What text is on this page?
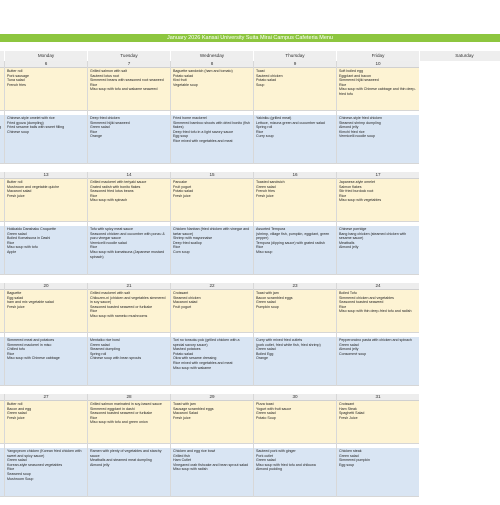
January 2026 Kansai University Suita Mirai Campus Cafeteria Menu
Monday	Tuesday	Wednesday	Thursday	Friday	Saturday
6
Butter roll
Pork sausage
Tuna salad
French fries
Chinese-style omelet with rice
Fried gyoza (dumpling)
Fried sesame balls with sweet filling
Chinese soup
7
Grilled salmon with salt
Sauteed lotus root
Simmered beans with seasoned root seaweed
Rice
Miso soup with tofu and wakame seaweed
Deep fried chicken
Simmered hijiki seaweed
Green salad
Rice
Orange
8
Baguette sandwich (ham and tomato)
Potato salad
Kiwi fruit
Vegetable soup
Fried home mackerel
Simmered bamboo shoots with dried bonito (fish flakes)
Deep fried tofu in a light savory sauce
Egg soup
Rice mixed with vegetables and meat
9
Toast
Sauteed chicken
Potato salad
Soup
Yakiniku (grilled meat)
Lettuce, mizuna green and cucumber salad
Spring roll
Rice
Curry soup
10
Soft boiled egg
Eggplant and bacon
Simmered hijiki seaweed
Rice
Miso soup with Chinese cabbage and thin deep-fried tofu
Chinese-style fried chicken
Steamed shrimp dumpling
Almond jelly
Kimchi fried rice
Vermicelli noodle soup
13
Butter roll
Mushroom and vegetable quiche
Macaroni salad
Fresh juice
Hokkaido Danshaku Croquette
Green salad
Boiled Komatsuna in Dashi
Rice
Miso soup with tofu
Apple
14
Grilled mackerel with teriyaki sauce
Grated radish with bonito flakes
Seasoned fried lotus beans
Rice
Miso soup with spinach
Tofu with spicy meat sauce
Seasoned chicken and cucumber with ponzu & yuzu vinegar sauce
Vermicelli noodle salad
Rice
Miso soup with komatsuna (Japanese mustard spinach)
15
Pancake
Fruit yogurt
Potato salad
Fresh juice
Chicken Nanban (fried chicken with vinegar and tartar sauce)
Shrimp with mayonnaise
Deep fried scallop
Rice
Corn soup
16
Toasted sandwich
Green salad
French fries
Fresh juice
Assorted Tempura
(shrimp, village fish, pumpkin, eggplant, green pepper)
Tempura (dipping sauce) with grated radish
Rice
Miso soup
17
Japanese-style omelet
Salmon flakes
Stir fried burdock root
Rice
Miso soup with vegetables
Chinese porridge
Bang bang chicken (steamed chicken with sesame sauce)
Meatballs
Almond jelly
20
Baguette
Egg salad
ham and mix vegetable salad
Fresh juice
Simmered meat and potatoes
Simmered mackerel in miso
Chilled tofu
Rice
Miso soup with Chinese cabbage
21
Grilled mackerel with salt
Chikuzen-ni (chicken and vegetables simmered in soy sauce)
Seasoned toasted seaweed or furikake
Rice
Miso soup with nameko mushrooms
Mentaiko rice bowl
Green salad
Steamed dumpling
Spring roll
Chinese soup with bean sprouts
22
Croissant
Steamed chicken
Macaroni salad
Fruit yogurt
Tori no tonsoku pok (grilled chicken with a special savory sauce)
Mashed potatoes
Potato salad
Okra with sesame dressing
Rice mixed with vegetables and meat
Miso soup with wakame
23
Toast with jam
Bacon scrambled eggs
Green salad
Pumpkin soup
Curry with mixed fried cutlets
(pork cutlet, fried white fish, fried shrimp)
Green salad
Boiled Egg
Orange
24
Boiled Tofu
Simmered chicken and vegetables
Seasoned toasted seaweed
Rice
Miso soup with thin deep-fried tofu and radish
Pepperoncino pasta with chicken and spinach
Green salad
Almond jelly
Consommé soup
27
Butter roll
Bacon and egg
Green salad
Fresh juice
Yangnyeom chicken (Korean fried chicken with sweet and spicy sauce)
Green salad
Korean-style seasoned vegetables
Rice
Seaweed soup
Mushroom Soup
28
Grilled salmon marinated in soy-based sauce
Simmered eggplant in dashi
Seasoned toasted seaweed or furikake
Rice
Miso soup with tofu and green onion
Ramen with plenty of vegetables and starchy sauce
Meatballs and steamed meat dumpling
Almond jelly
29
Toast with jam
Sausage scrambled eggs
Macaroni Salad
Fresh juice
Chicken and egg rice bowl
Grilled fish
Ham Cutlet
Vinegared crab fishcake and bean sprout salad
Miso soup with radish
30
Pizza toast
Yogurt with fruit sauce
Green salad
Potato Soup
Sauteed pork with ginger
Pork cutlet
Green salad
Miso soup with fried tofu and chikuwa
Almond pudding
31
Croissant
Ham Steak
Spaghetti Salad
Fresh Juice
Chicken steak
Green salad
Simmered pumpkin
Egg soup
